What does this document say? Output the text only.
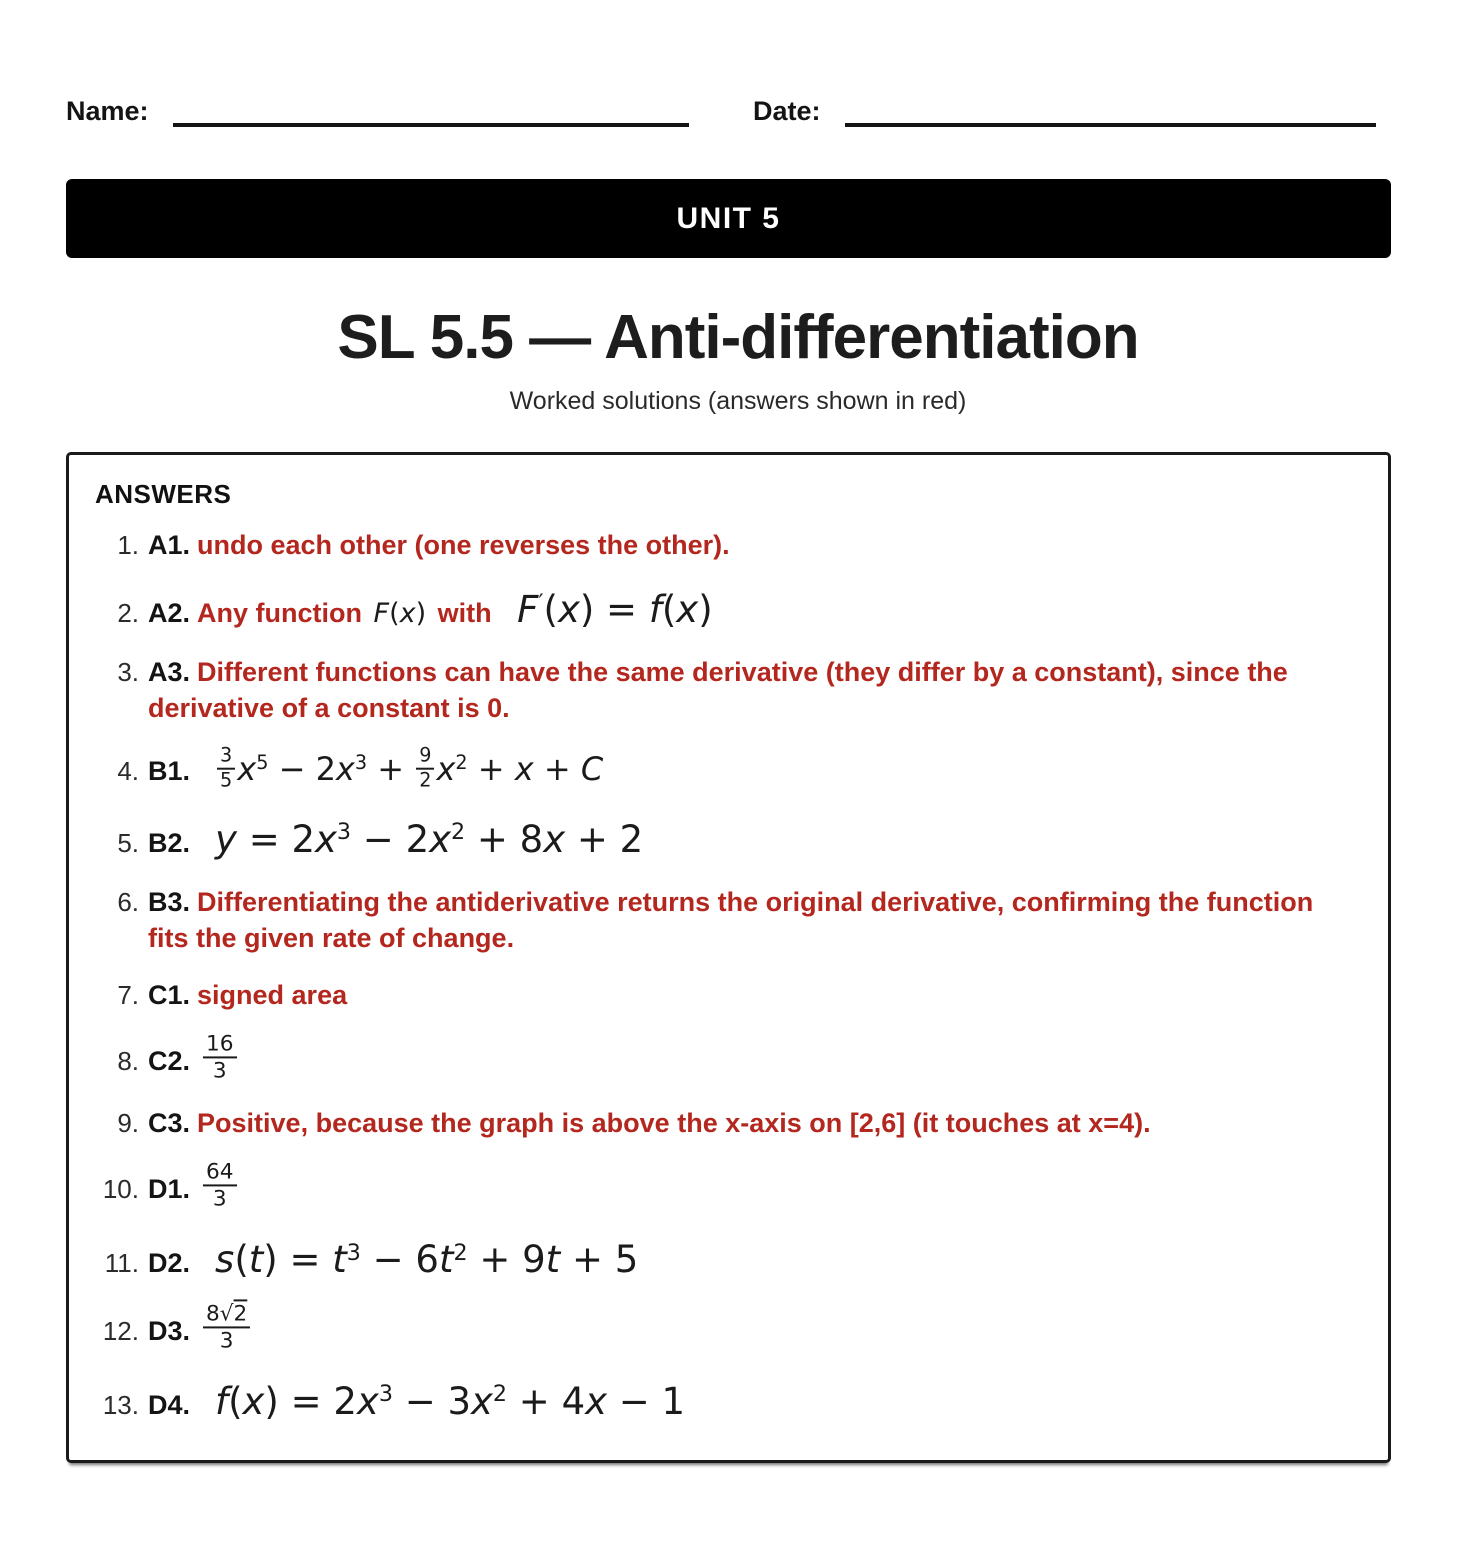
Name:	Date:
UNIT 5
SL 5.5 — Anti-differentiation
Worked solutions (answers shown in red)
ANSWERS
1. A1. undo each other (one reverses the other).
2. A2. Any function F(x) with F′(x) = f(x)
3. A3. Different functions can have the same derivative (they differ by a constant), since the derivative of a constant is 0.
4. B1. $\frac{3}{5} x^5 - 2x^3 + \frac{9}{2} x^2 + x + C$
5. B2. $y = 2x^3 - 2x^2 + 8x + 2$
6. B3. Differentiating the antiderivative returns the original derivative, confirming the function fits the given rate of change.
7. C1. signed area
8. C2. $\frac{16}{3}$
9. C3. Positive, because the graph is above the x-axis on [2,6] (it touches at x=4).
10. D1. $\frac{64}{3}$
11. D2. $s(t) = t^3 - 6t^2 + 9t + 5$
12. D3. $\frac{8√2}{3}$
13. D4. $f(x) = 2x^3 - 3x^2 + 4x - 1$
